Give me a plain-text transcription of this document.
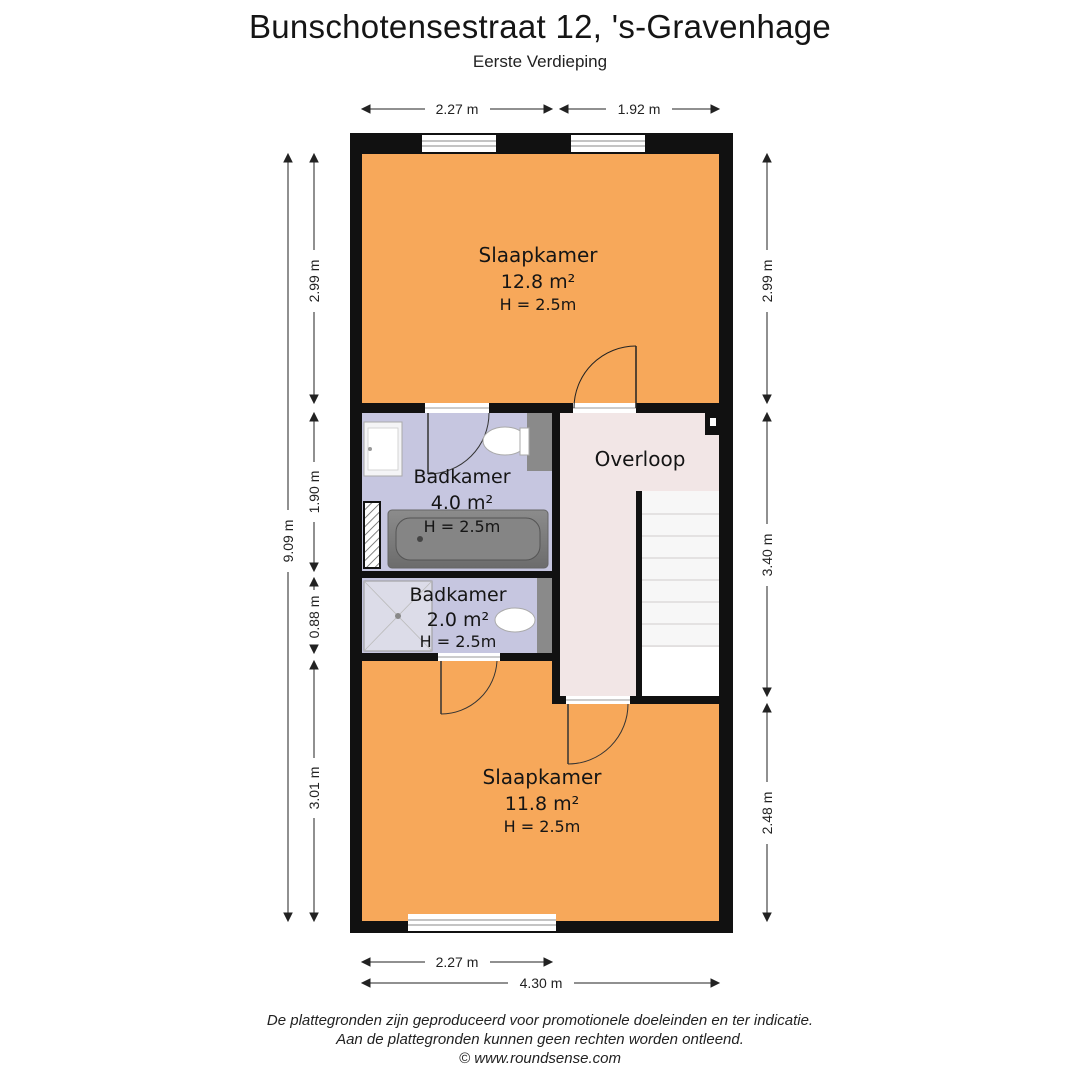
Bunschotensestraat 12, 's-Gravenhage
Eerste Verdieping
Slaapkamer
12.8 m²
H = 2.5m
Badkamer
4.0 m²
H = 2.5m
Badkamer
2.0 m²
H = 2.5m
Overloop
Slaapkamer
11.8 m²
H = 2.5m
2.27 m	1.92 m
2.27 m
4.30 m
9.09 m
2.99 m
1.90 m
0.88 m
3.01 m
2.99 m
3.40 m
2.48 m
De plattegronden zijn geproduceerd voor promotionele doeleinden en ter indicatie.
Aan de plattegronden kunnen geen rechten worden ontleend.
© www.roundsense.com
